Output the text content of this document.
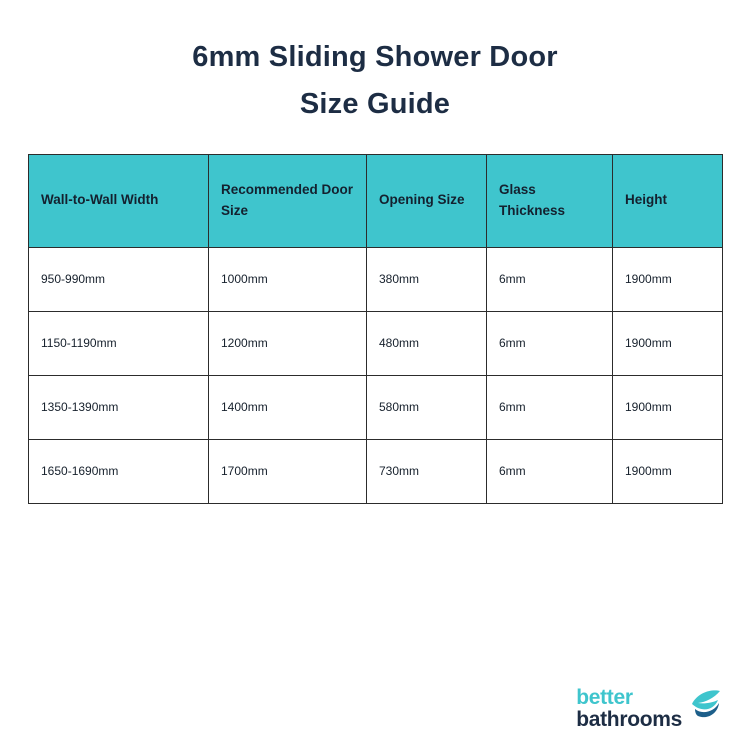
6mm Sliding Shower Door
Size Guide
Wall-to-Wall Width	Recommended Door Size	Opening Size	Glass Thickness	Height
950-990mm	1000mm	380mm	6mm	1900mm
1150-1190mm	1200mm	480mm	6mm	1900mm
1350-1390mm	1400mm	580mm	6mm	1900mm
1650-1690mm	1700mm	730mm	6mm	1900mm
better
bathrooms
